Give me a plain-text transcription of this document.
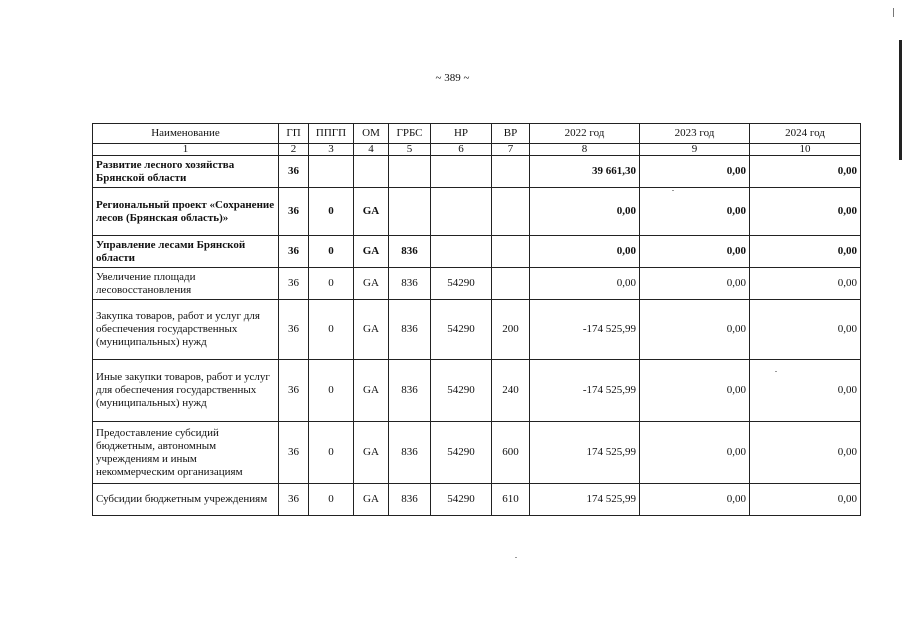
~ 389 ~
Наименование	ГП	ППГП	ОМ	ГРБС	НР	ВР	2022 год	2023 год	2024 год
1	2	3	4	5	6	7	8	9	10
Развитие лесного хозяйства Брянской области	36						39 661,30	0,00	0,00
Региональный проект «Сохранение лесов (Брянская область)»	36	0	GA				0,00	0,00	0,00
Управление лесами Брянской области	36	0	GA	836			0,00	0,00	0,00
Увеличение площади лесовосстановления	36	0	GA	836	54290		0,00	0,00	0,00
Закупка товаров, работ и услуг для обеспечения государственных (муниципальных) нужд	36	0	GA	836	54290	200	-174 525,99	0,00	0,00
Иные закупки товаров, работ и услуг для обеспечения государственных (муниципальных) нужд	36	0	GA	836	54290	240	-174 525,99	0,00	0,00
Предоставление субсидий бюджетным, автономным учреждениям и иным некоммерческим организациям	36	0	GA	836	54290	600	174 525,99	0,00	0,00
Субсидии бюджетным учреждениям	36	0	GA	836	54290	610	174 525,99	0,00	0,00
